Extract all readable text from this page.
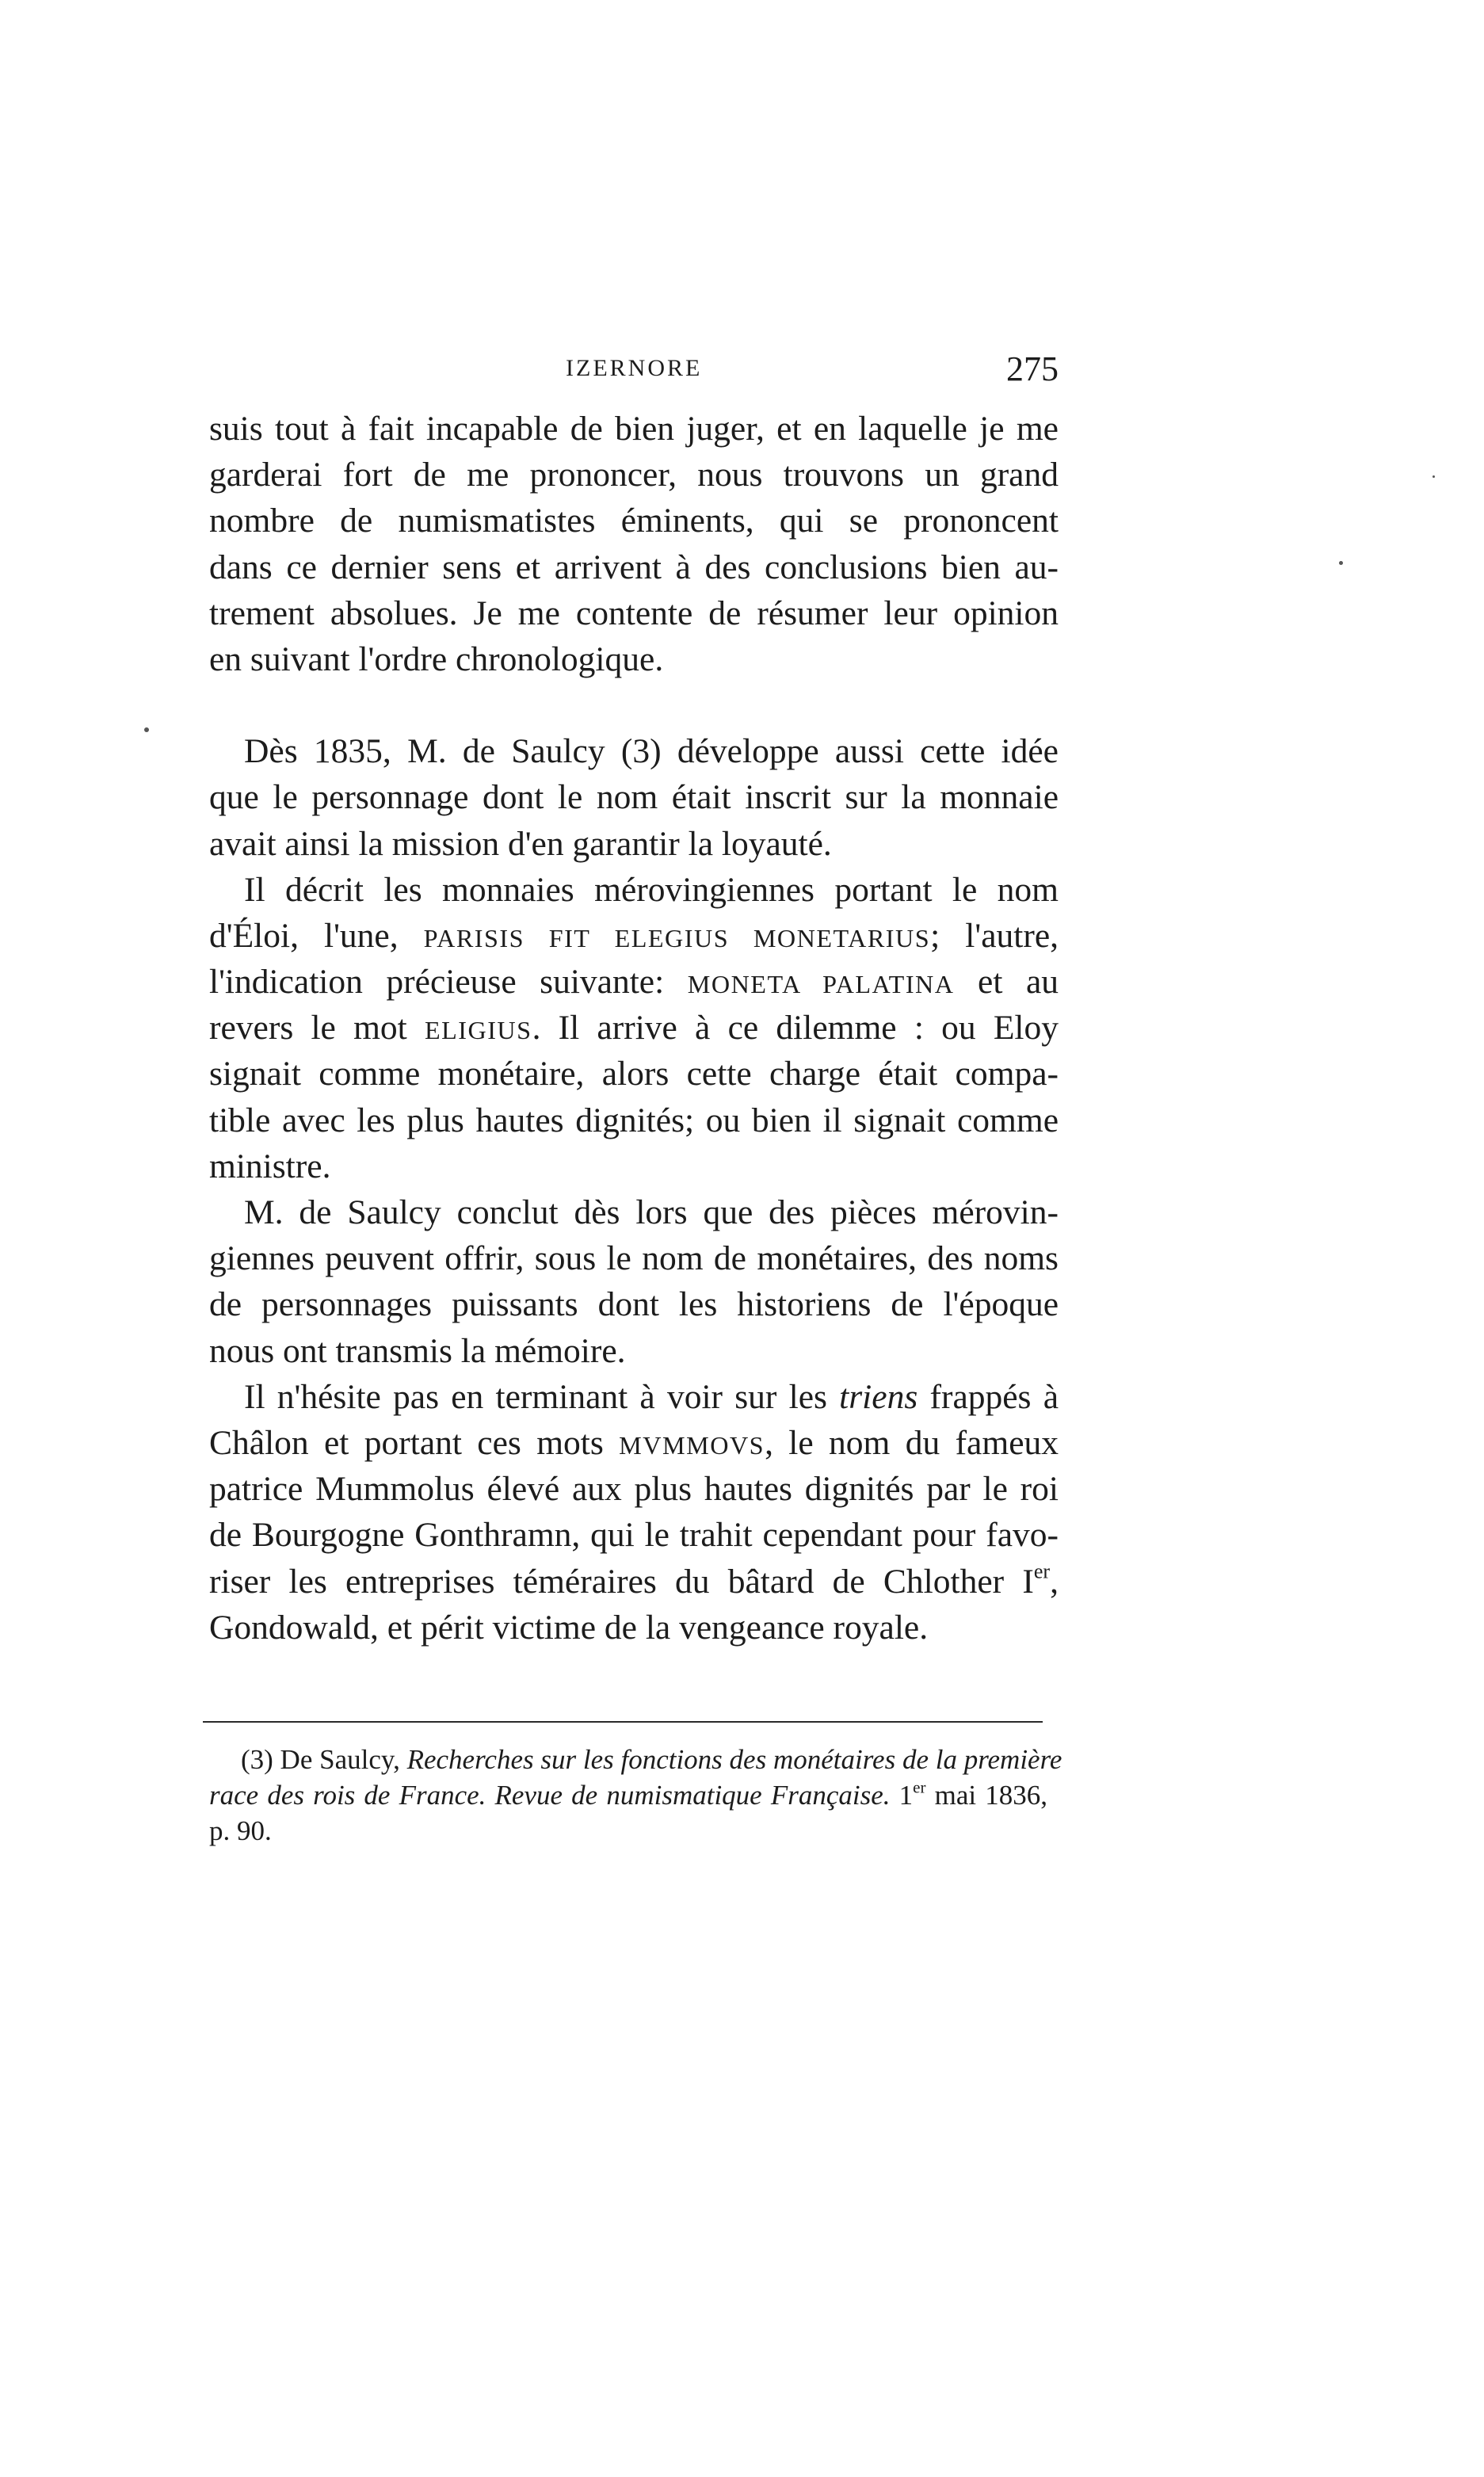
IZERNORE	275
suis tout à fait incapable de bien juger, et en laquelle je me
garderai fort de me prononcer, nous trouvons un grand
nombre de numismatistes éminents, qui se prononcent
dans ce dernier sens et arrivent à des conclusions bien au-
trement absolues. Je me contente de résumer leur opinion
en suivant l'ordre chronologique.
Dès 1835, M. de Saulcy (3) développe aussi cette idée
que le personnage dont le nom était inscrit sur la monnaie
avait ainsi la mission d'en garantir la loyauté.
Il décrit les monnaies mérovingiennes portant le nom
d'Éloi, l'une, PARISIS FIT ELEGIUS MONETARIUS; l'autre,
l'indication précieuse suivante: MONETA PALATINA et au
revers le mot ELIGIUS. Il arrive à ce dilemme : ou Eloy
signait comme monétaire, alors cette charge était compa-
tible avec les plus hautes dignités; ou bien il signait comme
ministre.
M. de Saulcy conclut dès lors que des pièces mérovin-
giennes peuvent offrir, sous le nom de monétaires, des noms
de personnages puissants dont les historiens de l'époque
nous ont transmis la mémoire.
Il n'hésite pas en terminant à voir sur les triens frappés à
Châlon et portant ces mots MVMMOVS, le nom du fameux
patrice Mummolus élevé aux plus hautes dignités par le roi
de Bourgogne Gonthramn, qui le trahit cependant pour favo-
riser les entreprises téméraires du bâtard de Chlother Ier,
Gondowald, et périt victime de la vengeance royale.
(3) De Saulcy, Recherches sur les fonctions des monétaires de la première
race des rois de France. Revue de numismatique Française. 1er mai 1836,
p. 90.
